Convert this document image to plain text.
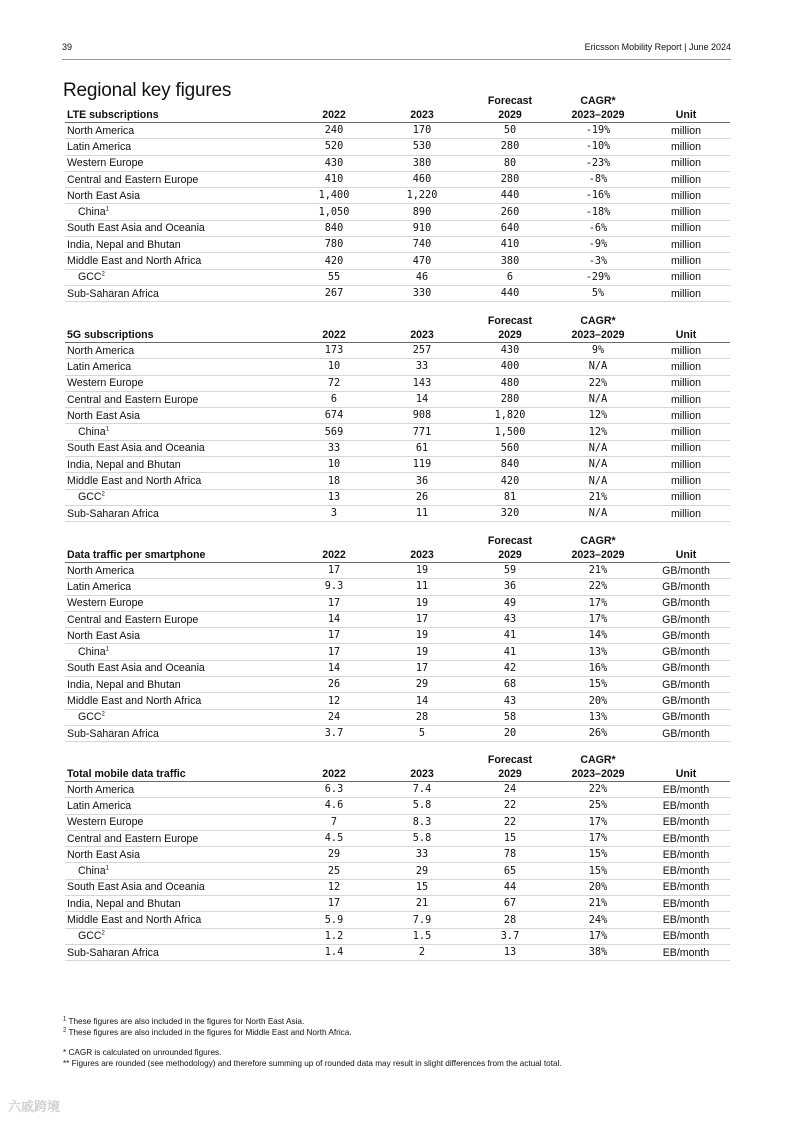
39	Ericsson Mobility Report | June 2024
Regional key figures
				Forecast	CAGR*	
LTE subscriptions	2022	2023	2029	2023–2029	Unit
North America	240	170	50	-19%	million
Latin America	520	530	280	-10%	million
Western Europe	430	380	80	-23%	million
Central and Eastern Europe	410	460	280	-8%	million
North East Asia	1,400	1,220	440	-16%	million
China$^1$	1,050	890	260	-18%	million
South East Asia and Oceania	840	910	640	-6%	million
India, Nepal and Bhutan	780	740	410	-9%	million
Middle East and North Africa	420	470	380	-3%	million
GCC$^2$	55	46	6	-29%	million
Sub-Saharan Africa	267	330	440	5%	million
			Forecast	CAGR*	
5G subscriptions	2022	2023	2029	2023–2029	Unit
North America	173	257	430	9%	million
Latin America	10	33	400	N/A	million
Western Europe	72	143	480	22%	million
Central and Eastern Europe	6	14	280	N/A	million
North East Asia	674	908	1,820	12%	million
China$^1$	569	771	1,500	12%	million
South East Asia and Oceania	33	61	560	N/A	million
India, Nepal and Bhutan	10	119	840	N/A	million
Middle East and North Africa	18	36	420	N/A	million
GCC$^2$	13	26	81	21%	million
Sub-Saharan Africa	3	11	320	N/A	million
			Forecast	CAGR*	
Data traffic per smartphone	2022	2023	2029	2023–2029	Unit
North America	17	19	59	21%	GB/month
Latin America	9.3	11	36	22%	GB/month
Western Europe	17	19	49	17%	GB/month
Central and Eastern Europe	14	17	43	17%	GB/month
North East Asia	17	19	41	14%	GB/month
China$^1$	17	19	41	13%	GB/month
South East Asia and Oceania	14	17	42	16%	GB/month
India, Nepal and Bhutan	26	29	68	15%	GB/month
Middle East and North Africa	12	14	43	20%	GB/month
GCC$^2$	24	28	58	13%	GB/month
Sub-Saharan Africa	3.7	5	20	26%	GB/month
			Forecast	CAGR*	
Total mobile data traffic	2022	2023	2029	2023–2029	Unit
North America	6.3	7.4	24	22%	EB/month
Latin America	4.6	5.8	22	25%	EB/month
Western Europe	7	8.3	22	17%	EB/month
Central and Eastern Europe	4.5	5.8	15	17%	EB/month
North East Asia	29	33	78	15%	EB/month
China$^1$	25	29	65	15%	EB/month
South East Asia and Oceania	12	15	44	20%	EB/month
India, Nepal and Bhutan	17	21	67	21%	EB/month
Middle East and North Africa	5.9	7.9	28	24%	EB/month
GCC$^2$	1.2	1.5	3.7	17%	EB/month
Sub-Saharan Africa	1.4	2	13	38%	EB/month

$^1$ These figures are also included in the figures for North East Asia.

$^2$ These figures are also included in the figures for Middle East and North Africa.

* CAGR is calculated on unrounded figures.

** Figures are rounded (see methodology) and therefore summing up of rounded data may result in slight differences from the actual total.

六戚跨境
